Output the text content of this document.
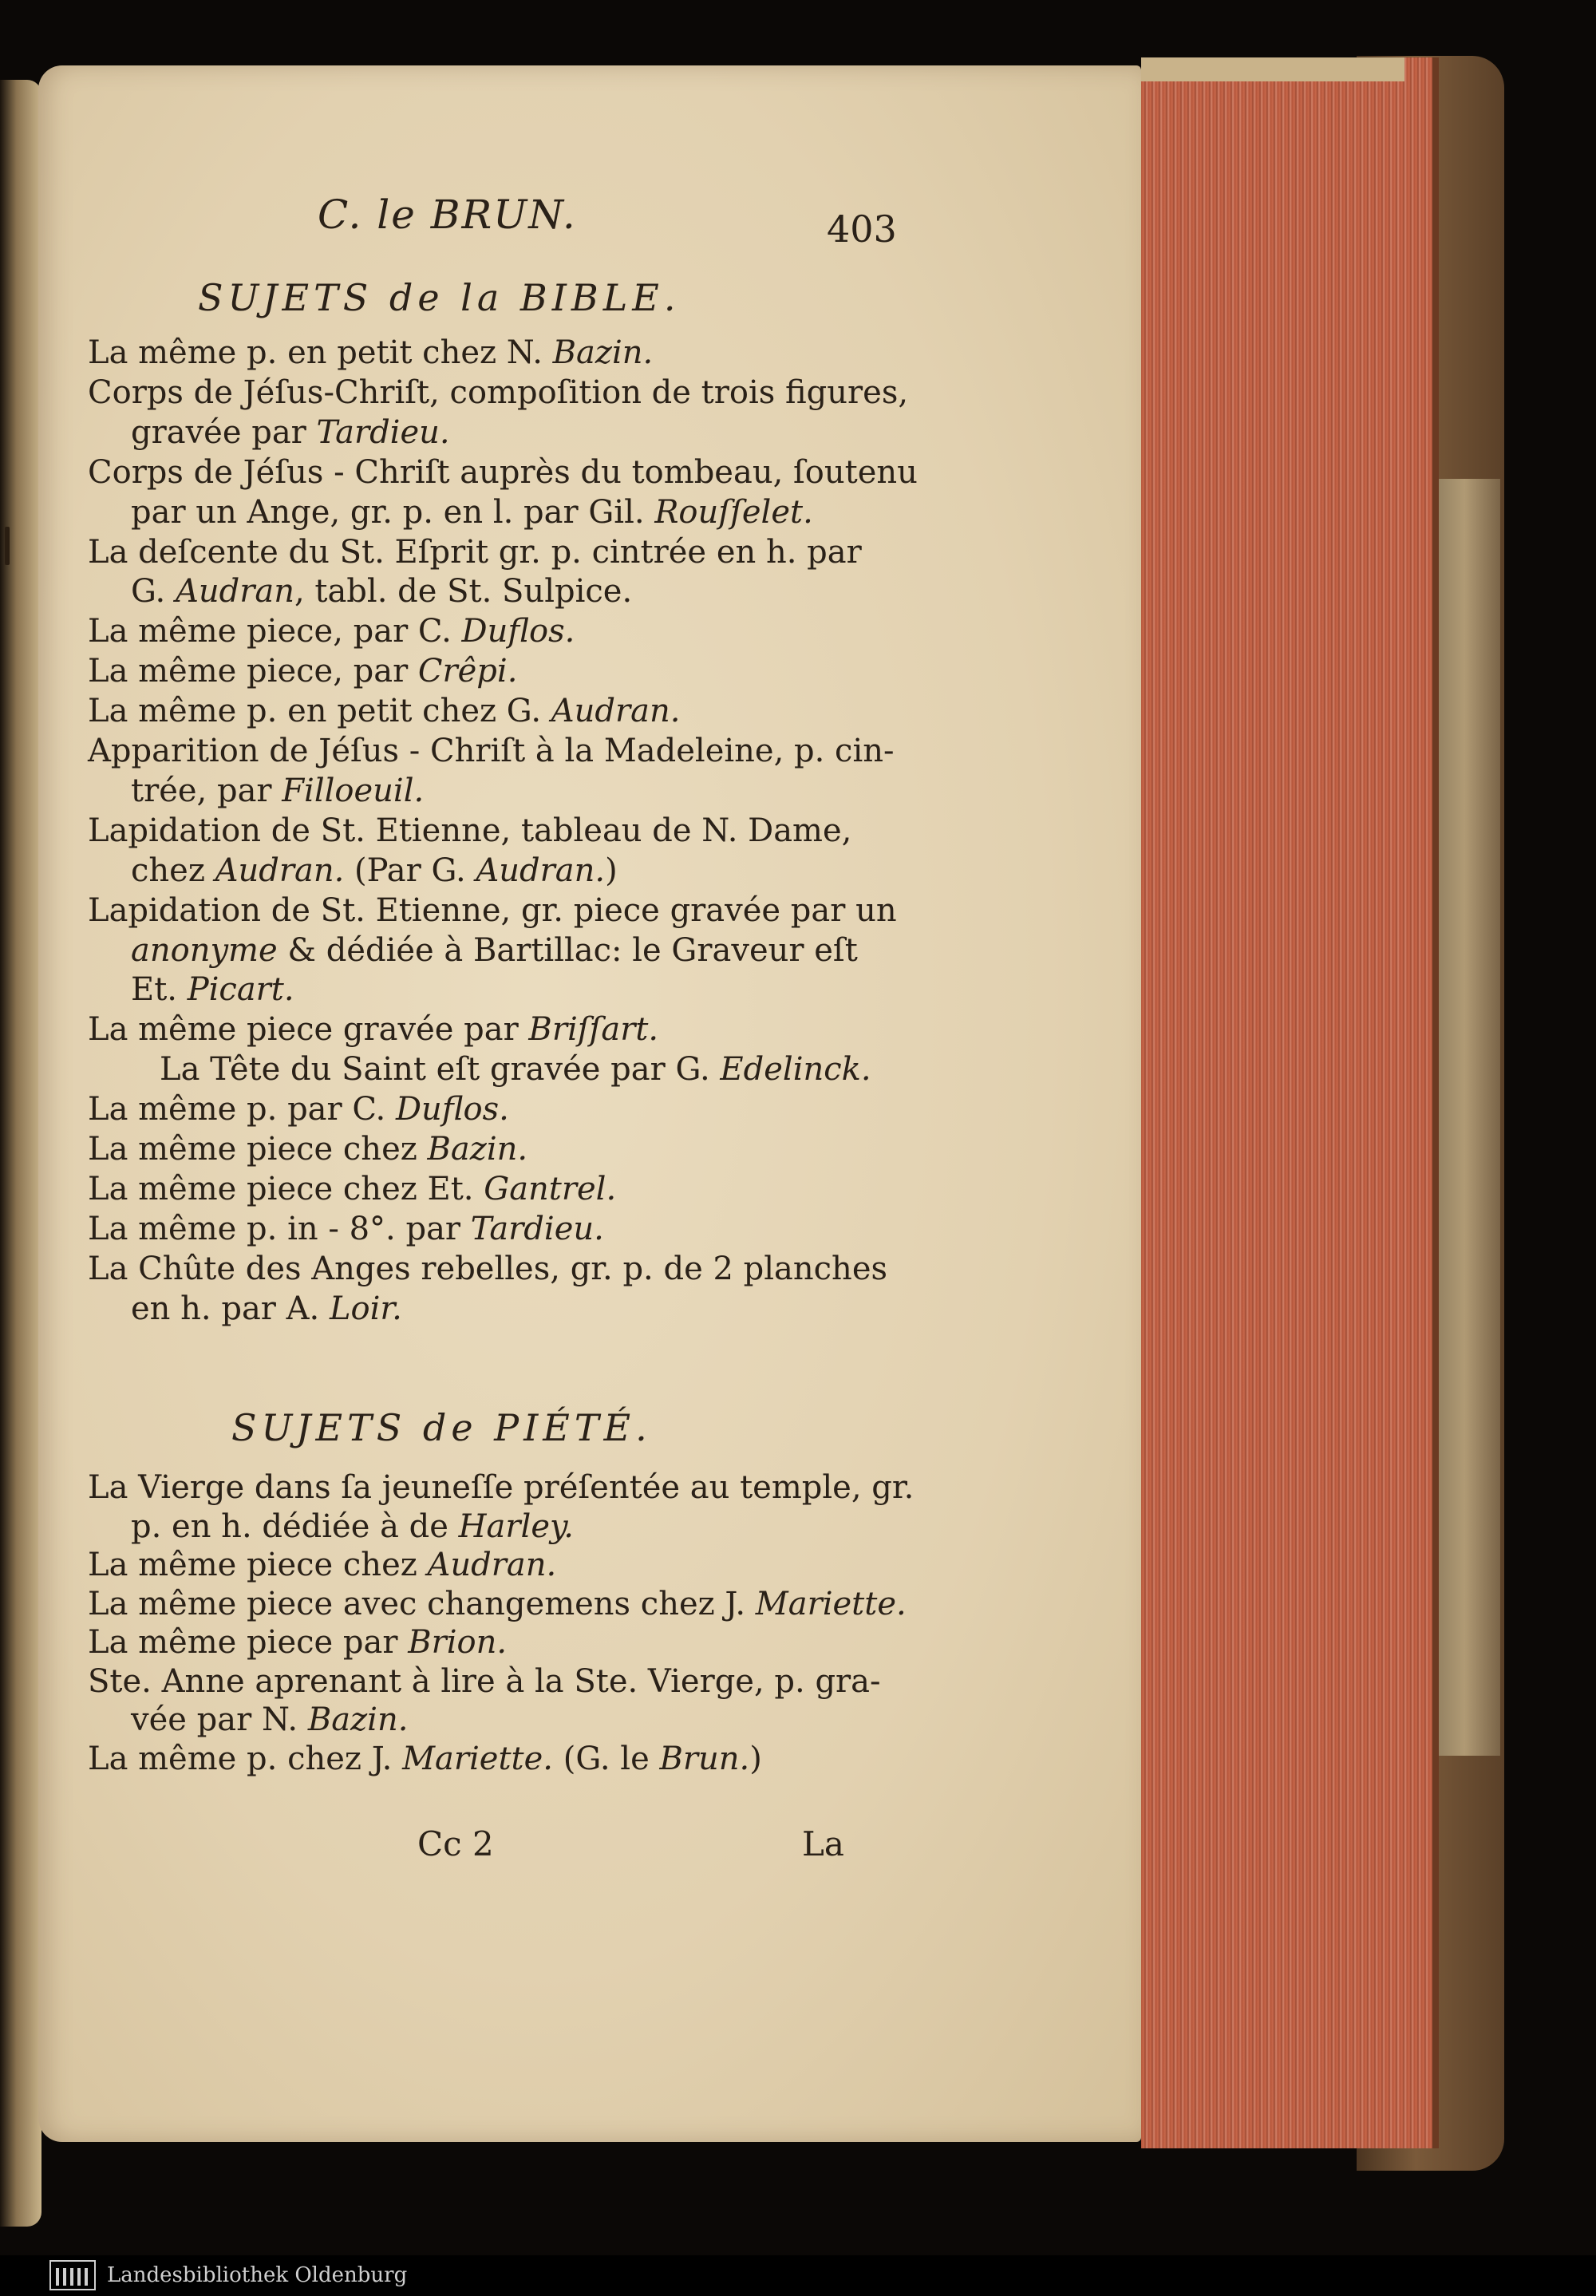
C. le BRUN.	403
SUJETS de la BIBLE.
La même p. en petit chez N. Bazin.
Corps de Jéſus-Chriſt, compoſition de trois figures,
gravée par Tardieu.
Corps de Jéſus - Chriſt auprès du tombeau, ſoutenu
par un Ange, gr. p. en l. par Gil. Rouſſelet.
La deſcente du St. Eſprit gr. p. cintrée en h. par
G. Audran, tabl. de St. Sulpice.
La même piece, par C. Duflos.
La même piece, par Crêpi.
La même p. en petit chez G. Audran.
Apparition de Jéſus - Chriſt à la Madeleine, p. cin-
trée, par Filloeuil.
Lapidation de St. Etienne, tableau de N. Dame,
chez Audran. (Par G. Audran.)
Lapidation de St. Etienne, gr. piece gravée par un
anonyme & dédiée à Bartillac: le Graveur eſt
Et. Picart.
La même piece gravée par Briſſart.
La Tête du Saint eſt gravée par G. Edelinck.
La même p. par C. Duflos.
La même piece chez Bazin.
La même piece chez Et. Gantrel.
La même p. in - 8°. par Tardieu.
La Chûte des Anges rebelles, gr. p. de 2 planches
en h. par A. Loir.
SUJETS de PIÉTÉ.
La Vierge dans ſa jeuneſſe préſentée au temple, gr.
p. en h. dédiée à de Harley.
La même piece chez Audran.
La même piece avec changemens chez J. Mariette.
La même piece par Brion.
Ste. Anne aprenant à lire à la Ste. Vierge, p. gra-
vée par N. Bazin.
La même p. chez J. Mariette. (G. le Brun.)
Cc 2	La
Landesbibliothek Oldenburg
